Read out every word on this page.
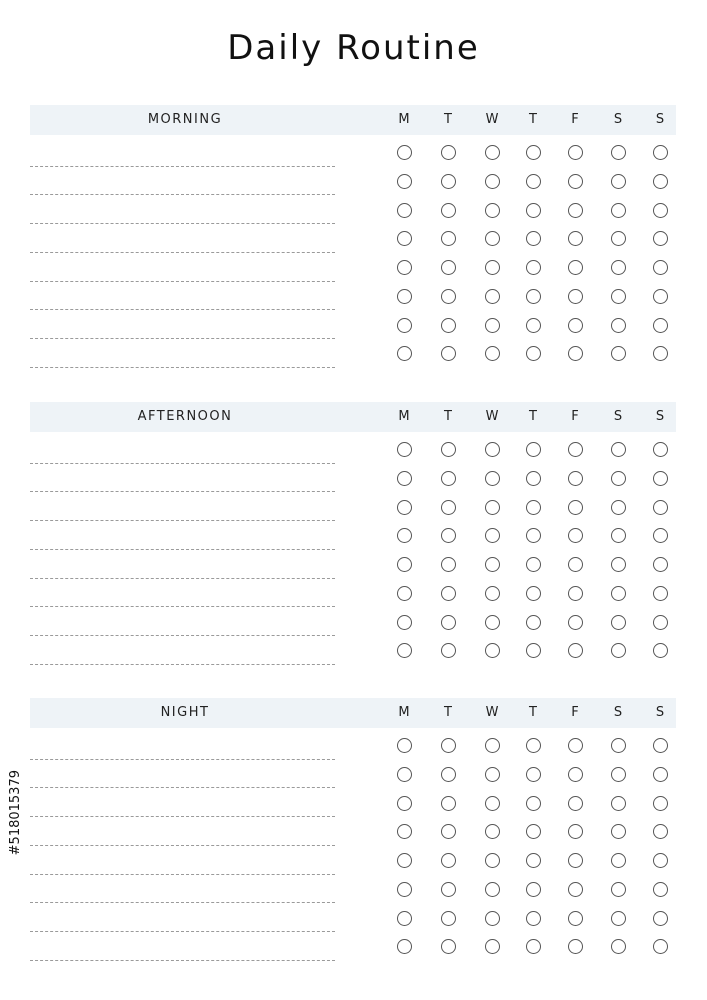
Daily Routine
MORNING	M	T	W	T	F	S	S
AFTERNOON	M	T	W	T	F	S	S
NIGHT	M	T	W	T	F	S	S
#518015379
